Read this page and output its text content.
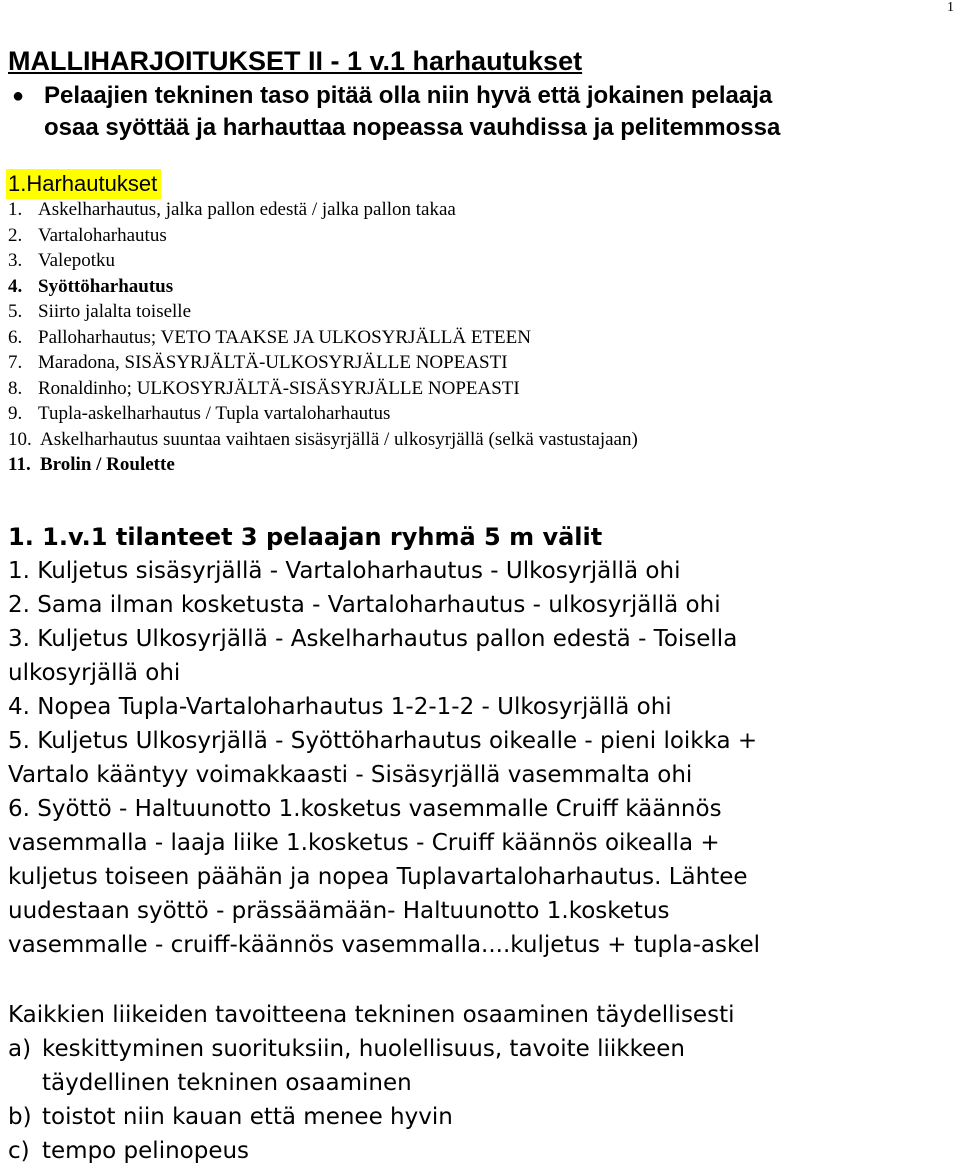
1
MALLIHARJOITUKSET II - 1 v.1 harhautukset
● Pelaajien tekninen taso pitää olla niin hyvä että jokainen pelaaja
osaa syöttää ja harhauttaa nopeassa vauhdissa ja pelitemmossa
1.Harhautukset
1. Askelharhautus, jalka pallon edestä / jalka pallon takaa
2. Vartaloharhautus
3. Valepotku
4. Syöttöharhautus
5. Siirto jalalta toiselle
6. Palloharhautus; VETO TAAKSE JA ULKOSYRJÄLLÄ ETEEN
7. Maradona, SISÄSYRJÄLTÄ-ULKOSYRJÄLLE NOPEASTI
8. Ronaldinho; ULKOSYRJÄLTÄ-SISÄSYRJÄLLE NOPEASTI
9. Tupla-askelharhautus / Tupla vartaloharhautus
10. Askelharhautus suuntaa vaihtaen sisäsyrjällä / ulkosyrjällä (selkä vastustajaan)
11. Brolin / Roulette

1. 1.v.1 tilanteet 3 pelaajan ryhmä 5 m välit

1. Kuljetus sisäsyrjällä - Vartaloharhautus - Ulkosyrjällä ohi

2. Sama ilman kosketusta - Vartaloharhautus - ulkosyrjällä ohi

3. Kuljetus Ulkosyrjällä - Askelharhautus pallon edestä - Toisella

ulkosyrjällä ohi

4. Nopea Tupla-Vartaloharhautus 1-2-1-2 - Ulkosyrjällä ohi

5. Kuljetus Ulkosyrjällä - Syöttöharhautus oikealle - pieni loikka +

Vartalo kääntyy voimakkaasti - Sisäsyrjällä vasemmalta ohi

6. Syöttö - Haltuunotto 1.kosketus vasemmalle Cruiff käännös

vasemmalla - laaja liike 1.kosketus - Cruiff käännös oikealla +

kuljetus toiseen päähän ja nopea Tuplavartaloharhautus. Lähtee

uudestaan syöttö - prässäämään- Haltuunotto 1.kosketus

vasemmalle - cruiff-käännös vasemmalla....kuljetus + tupla-askel

Kaikkien liikeiden tavoitteena tekninen osaaminen täydellisesti

a) keskittyminen suorituksiin, huolellisuus, tavoite liikkeen

täydellinen tekninen osaaminen

b) toistot niin kauan että menee hyvin

c) tempo pelinopeus
